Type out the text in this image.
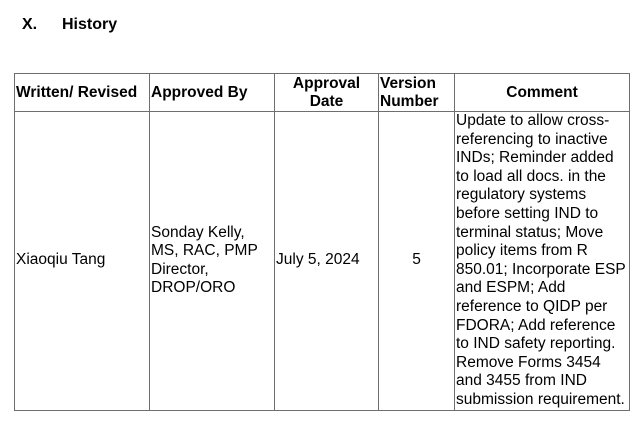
X. History
Written/ Revised	Approved By	Approval Date	Version Number	Comment
Xiaoqiu Tang	Sonday Kelly, MS, RAC, PMP Director, DROP/ORO	July 5, 2024	5	Update to allow cross-referencing to inactive INDs; Reminder added to load all docs. in the regulatory systems before setting IND to terminal status; Move policy items from R 850.01; Incorporate ESP and ESPM; Add reference to QIDP per FDORA; Add reference to IND safety reporting. Remove Forms 3454 and 3455 from IND submission requirement.
